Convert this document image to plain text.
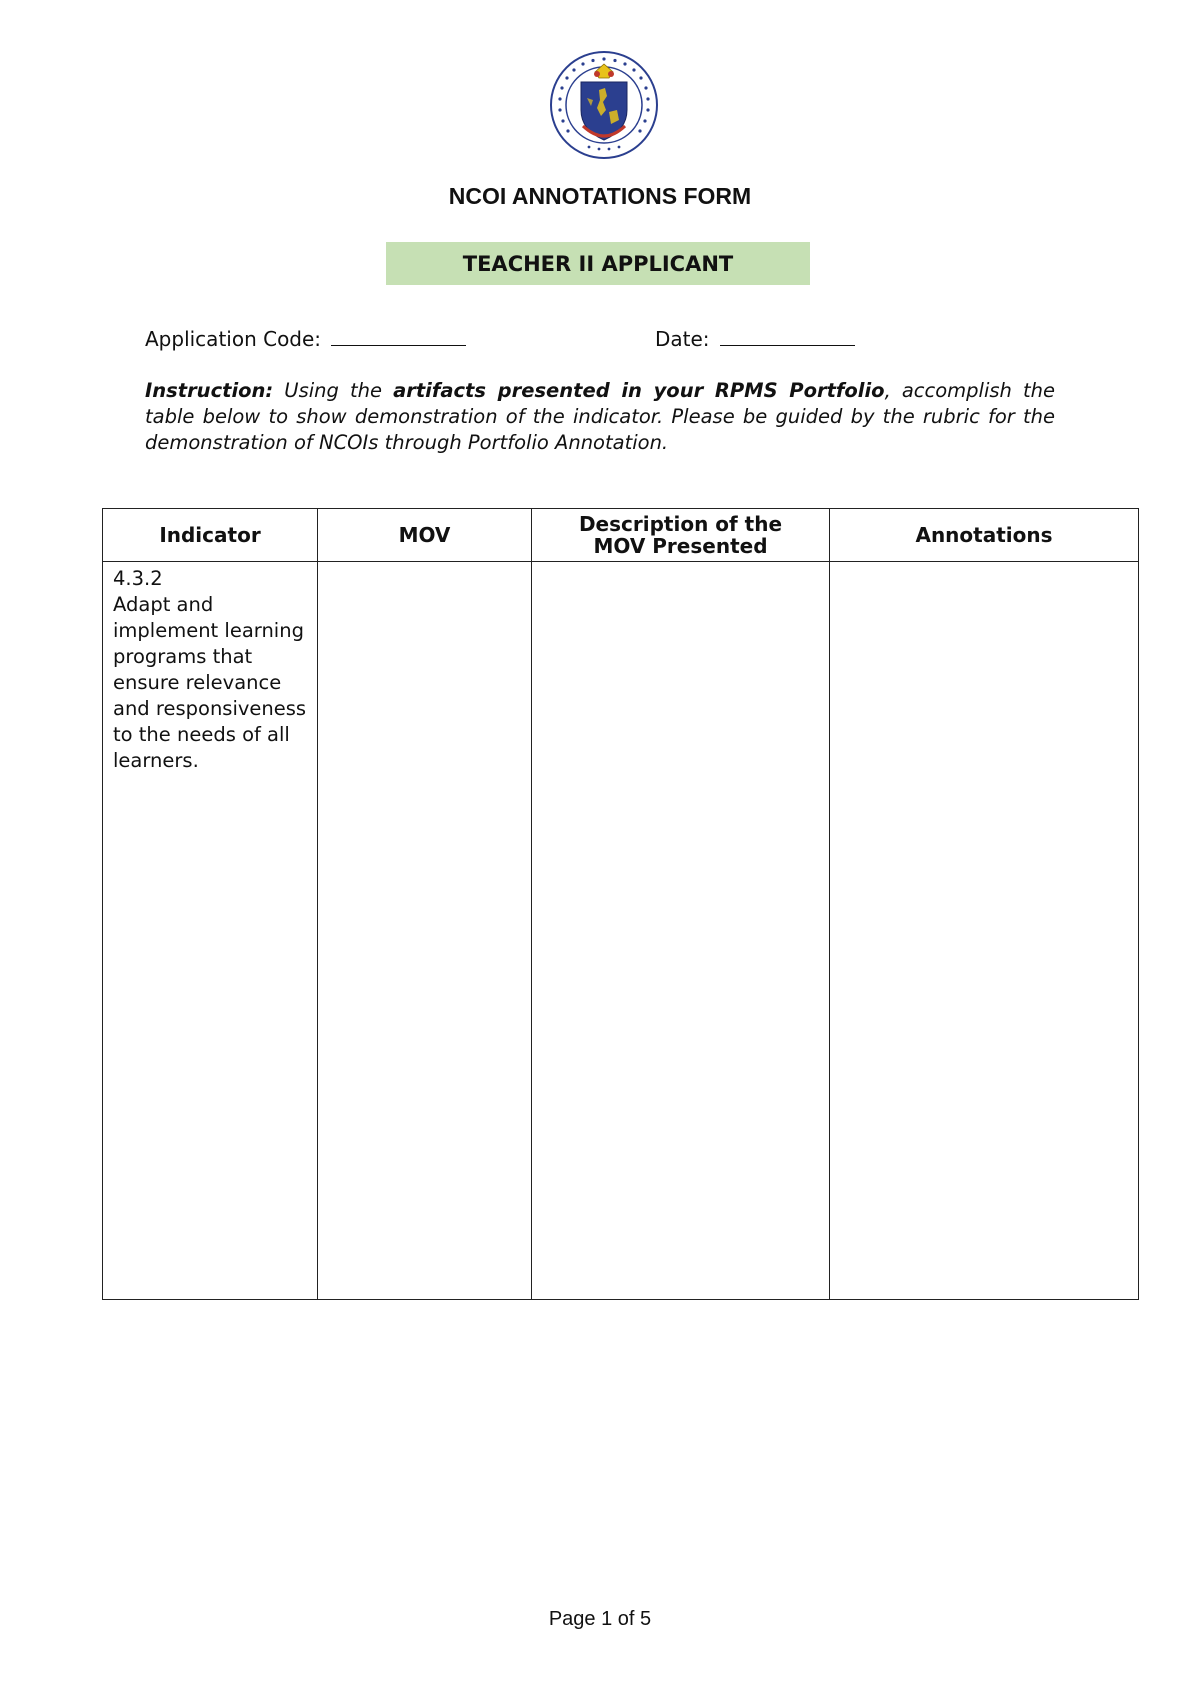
NCOI ANNOTATIONS FORM
TEACHER II APPLICANT
Application Code:	Date:
Instruction: Using the artifacts presented in your RPMS Portfolio, accomplish the table below to show demonstration of the indicator. Please be guided by the rubric for the demonstration of NCOIs through Portfolio Annotation.
Indicator	MOV	Description of the MOV Presented	Annotations

4.3.2
Adapt and implement learning programs that ensure relevance and responsiveness to the needs of all learners.			

Page 1 of 5
